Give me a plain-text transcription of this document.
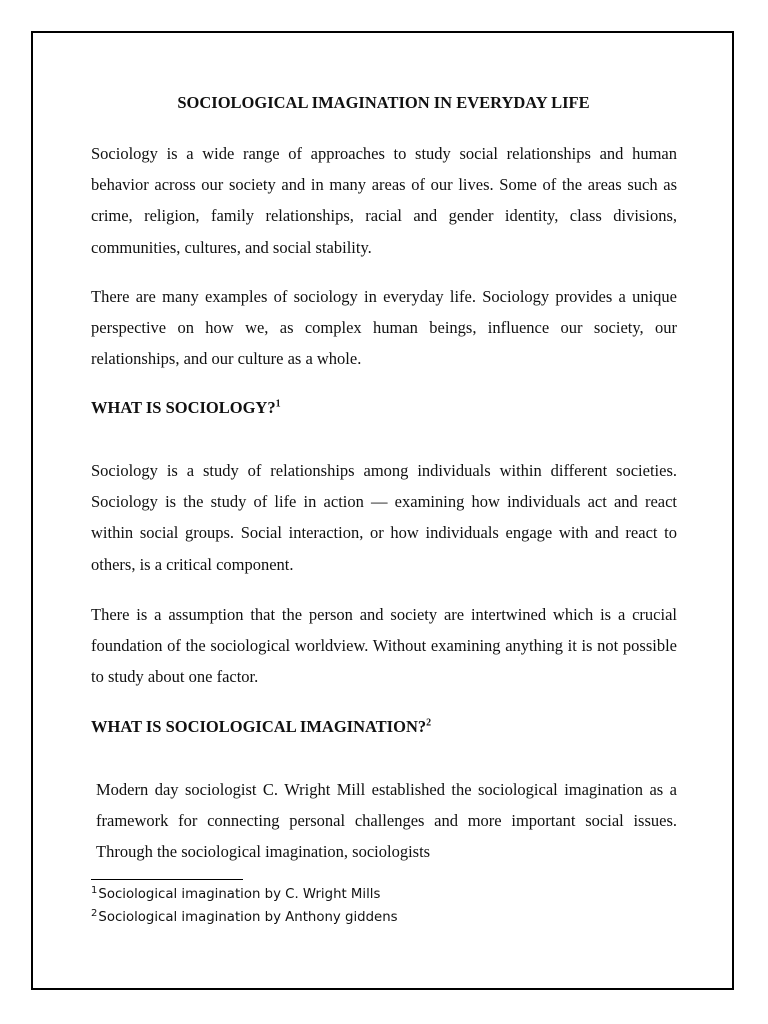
SOCIOLOGICAL IMAGINATION IN EVERYDAY LIFE

Sociology is a wide range of approaches to study social relationships and human behavior across our society and in many areas of our lives. Some of the areas such as crime, religion, family relationships, racial and gender identity, class divisions, communities, cultures, and social stability.

There are many examples of sociology in everyday life. Sociology provides a unique perspective on how we, as complex human beings, influence our society, our relationships, and our culture as a whole.

WHAT IS SOCIOLOGY?$^1$

Sociology is a study of relationships among individuals within different societies. Sociology is the study of life in action — examining how individuals act and react within social groups. Social interaction, or how individuals engage with and react to others, is a critical component.

There is a assumption that the person and society are intertwined which is a crucial foundation of the sociological worldview. Without examining anything it is not possible to study about one factor.

WHAT IS SOCIOLOGICAL IMAGINATION?$^2$

Modern day sociologist C. Wright Mill established the sociological imagination as a framework for connecting personal challenges and more important social issues. Through the sociological imagination, sociologists

$^1$Sociological imagination by C. Wright Mills

$^2$Sociological imagination by Anthony giddens
